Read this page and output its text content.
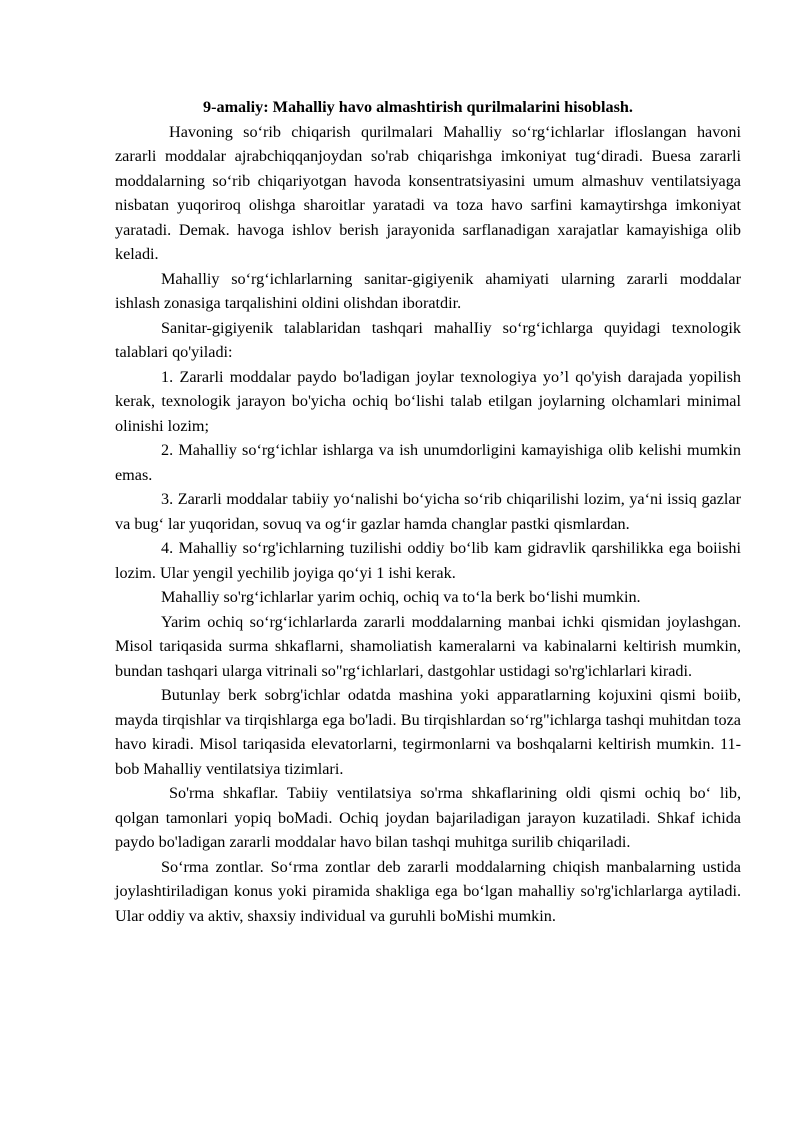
9-amaliy: Mahalliy havo almashtirish qurilmalarini hisoblash.

Havoning so‘rib chiqarish qurilmalari Mahalliy so‘rg‘ichlarlar ifloslangan havoni zararli moddalar ajrabchiqqanjoydan so'rab chiqarishga imkoniyat tug‘diradi. Buesa zararli moddalarning so‘rib chiqariyotgan havoda konsentratsiyasini umum almashuv ventilatsiyaga nisbatan yuqoriroq olishga sharoitlar yaratadi va toza havo sarfini kamaytirshga imkoniyat yaratadi. Demak. havoga ishlov berish jarayonida sarflanadigan xarajatlar kamayishiga olib keladi.

Mahalliy so‘rg‘ichlarlarning sanitar-gigiyenik ahamiyati ularning zararli moddalar ishlash zonasiga tarqalishini oldini olishdan iboratdir.

Sanitar-gigiyenik talablaridan tashqari mahalIiy so‘rg‘ichlarga quyidagi texnologik talablari qo'yiladi:

1. Zararli moddalar paydo bo'ladigan joylar texnologiya yo’l qo'yish darajada yopilish kerak, texnologik jarayon bo'yicha ochiq bo‘lishi talab etilgan joylarning olchamlari minimal olinishi lozim;

2. Mahalliy so‘rg‘ichlar ishlarga va ish unumdorligini kamayishiga olib kelishi mumkin emas.

3. Zararli moddalar tabiiy yo‘nalishi bo‘yicha so‘rib chiqarilishi lozim, ya‘ni issiq gazlar va bug‘ lar yuqoridan, sovuq va og‘ir gazlar hamda changlar pastki qismlardan.

4. Mahalliy so‘rg'ichlarning tuzilishi oddiy bo‘lib kam gidravlik qarshilikka ega boiishi lozim. Ular yengil yechilib joyiga qo‘yi 1 ishi kerak.

Mahalliy so'rg‘ichlarlar yarim ochiq, ochiq va to‘la berk bo‘lishi mumkin.

Yarim ochiq so‘rg‘ichlarlarda zararli moddalarning manbai ichki qismidan joylashgan. Misol tariqasida surma shkaflarni, shamoliatish kameralarni va kabinalarni keltirish mumkin, bundan tashqari ularga vitrinali so"rg‘ichlarlari, dastgohlar ustidagi so'rg'ichlarlari kiradi.

Butunlay berk sobrg'ichlar odatda mashina yoki apparatlarning kojuxini qismi boiib, mayda tirqishlar va tirqishlarga ega bo'ladi. Bu tirqishlardan so‘rg"ichlarga tashqi muhitdan toza havo kiradi. Misol tariqasida elevatorlarni, tegirmonlarni va boshqalarni keltirish mumkin. 11-bob Mahalliy ventilatsiya tizimlari.

So'rma shkaflar. Tabiiy ventilatsiya so'rma shkaflarining oldi qismi ochiq bo‘ lib, qolgan tamonlari yopiq boMadi. Ochiq joydan bajariladigan jarayon kuzatiladi. Shkaf ichida paydo bo'ladigan zararli moddalar havo bilan tashqi muhitga surilib chiqariladi.

So‘rma zontlar. So‘rma zontlar deb zararli moddalarning chiqish manbalarning ustida joylashtiriladigan konus yoki piramida shakliga ega bo‘lgan mahalliy so'rg'ichlarlarga aytiladi. Ular oddiy va aktiv, shaxsiy individual va guruhli boMishi mumkin.
